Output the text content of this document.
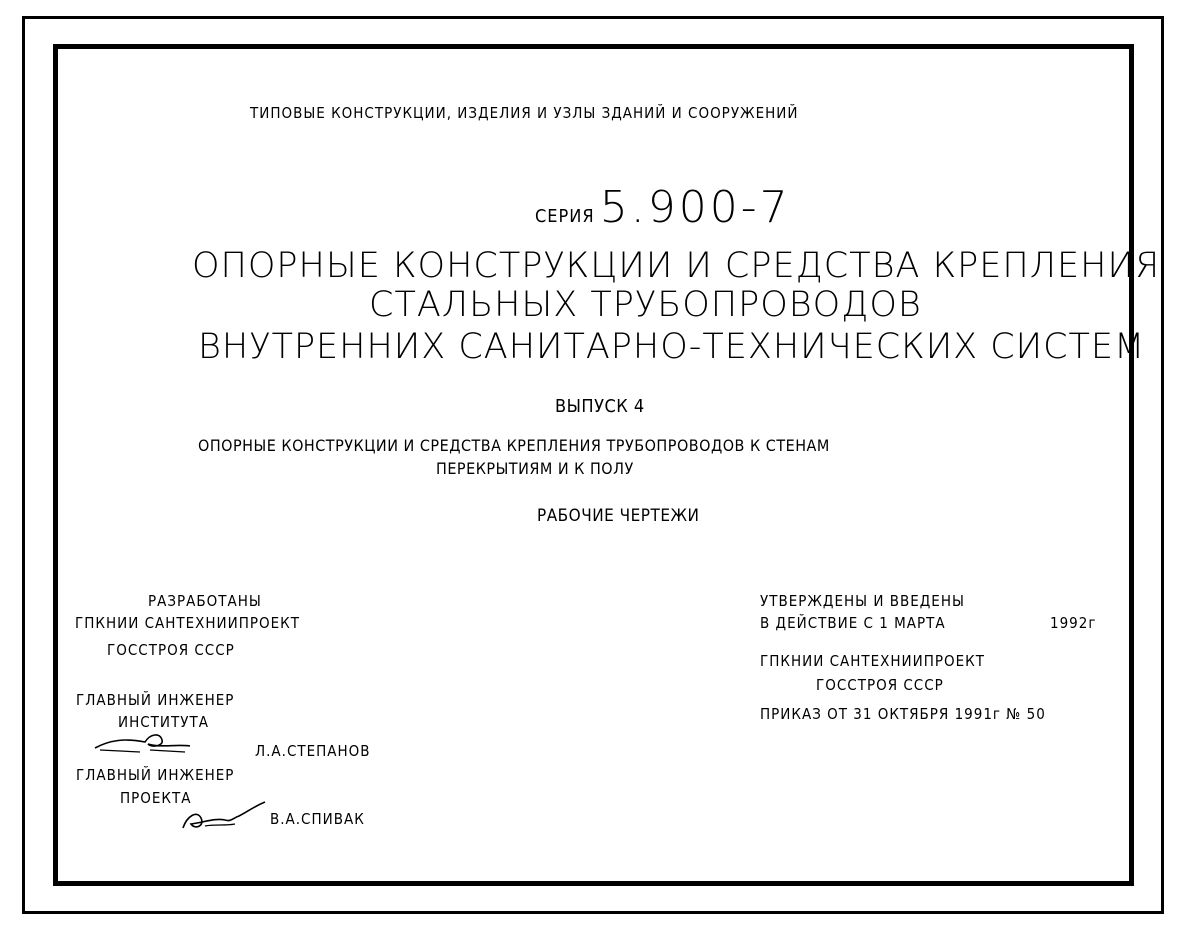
ТИПОВЫЕ КОНСТРУКЦИИ, ИЗДЕЛИЯ И УЗЛЫ ЗДАНИЙ И СООРУЖЕНИЙ
СЕРИЯ 5.900-7
ОПОРНЫЕ КОНСТРУКЦИИ И СРЕДСТВА КРЕПЛЕНИЯ
СТАЛЬНЫХ ТРУБОПРОВОДОВ
ВНУТРЕННИХ САНИТАРНО-ТЕХНИЧЕСКИХ СИСТЕМ
ВЫПУСК 4
ОПОРНЫЕ КОНСТРУКЦИИ И СРЕДСТВА КРЕПЛЕНИЯ ТРУБОПРОВОДОВ К СТЕНАМ
ПЕРЕКРЫТИЯМ И К ПОЛУ
РАБОЧИЕ ЧЕРТЕЖИ
РАЗРАБОТАНЫ
ГПКНИИ САНТЕХНИИПРОЕКТ
ГОССТРОЯ СССР
ГЛАВНЫЙ ИНЖЕНЕР
ИНСТИТУТА
Л.А.СТЕПАНОВ
ГЛАВНЫЙ ИНЖЕНЕР
ПРОЕКТА
В.А.СПИВАК
УТВЕРЖДЕНЫ И ВВЕДЕНЫ
В ДЕЙСТВИЕ С 1 МАРТА	1992г
ГПКНИИ САНТЕХНИИПРОЕКТ
ГОССТРОЯ СССР
ПРИКАЗ ОТ 31 ОКТЯБРЯ 1991г № 50
